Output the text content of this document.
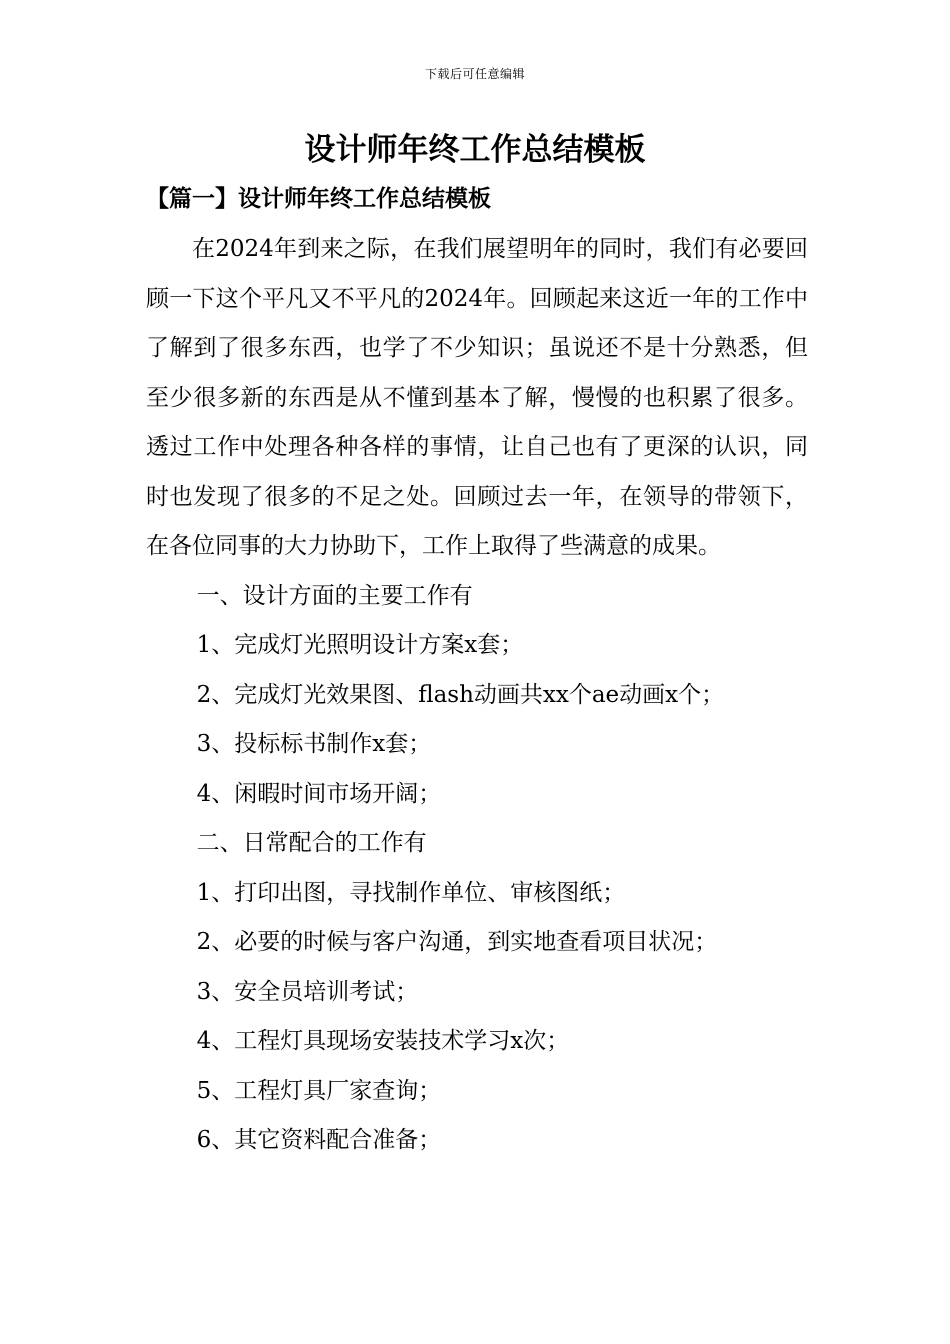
下载后可任意编辑
设计师年终工作总结模板
【篇一】设计师年终工作总结模板

在2024年到来之际，在我们展望明年的同时，我们有必要回顾一下这个平凡又不平凡的2024年。回顾起来这近一年的工作中了解到了很多东西，也学了不少知识；虽说还不是十分熟悉，但至少很多新的东西是从不懂到基本了解，慢慢的也积累了很多。透过工作中处理各种各样的事情，让自己也有了更深的认识，同时也发现了很多的不足之处。回顾过去一年，在领导的带领下，在各位同事的大力协助下，工作上取得了些满意的成果。

一、设计方面的主要工作有

1、完成灯光照明设计方案x套；

2、完成灯光效果图、flash动画共xx个ae动画x个；

3、投标标书制作x套；

4、闲暇时间市场开阔；

二、日常配合的工作有

1、打印出图，寻找制作单位、审核图纸；

2、必要的时候与客户沟通，到实地查看项目状况；

3、安全员培训考试；

4、工程灯具现场安装技术学习x次；

5、工程灯具厂家查询；

6、其它资料配合准备；
